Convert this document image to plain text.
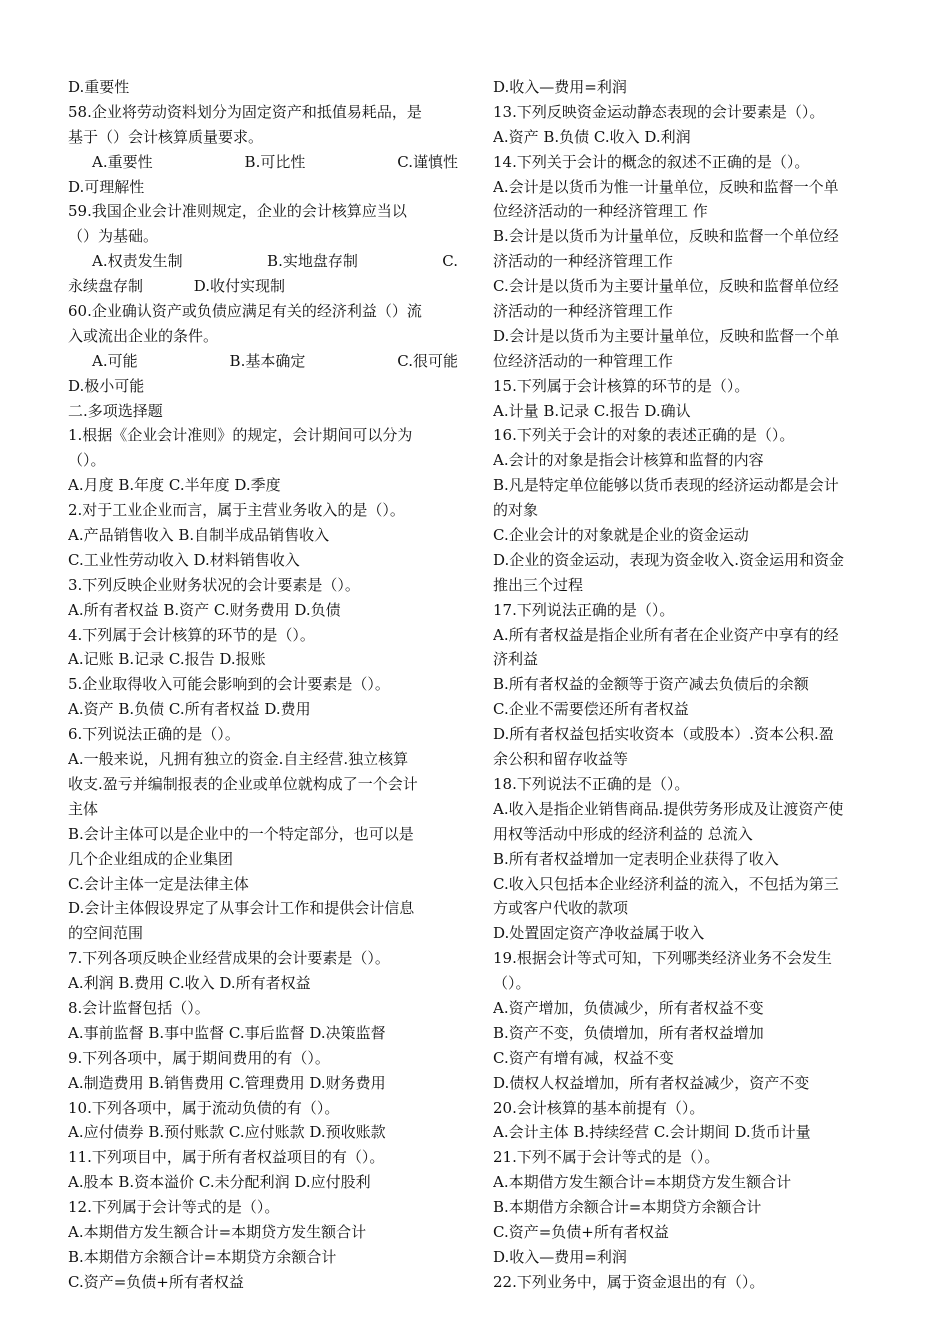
D.重要性
58.企业将劳动资料划分为固定资产和抵值易耗品，是
基于（）会计核算质量要求。
A.重要性	B.可比性	C.谨慎性
D.可理解性
59.我国企业会计准则规定，企业的会计核算应当以
（）为基础。
A.权责发生制	B.实地盘存制	C.
永续盘存制	D.收付实现制
60.企业确认资产或负债应满足有关的经济利益（）流
入或流出企业的条件。
A.可能	B.基本确定	C.很可能
D.极小可能
二.多项选择题
1.根据《企业会计准则》的规定，会计期间可以分为
（）。
A.月度 B.年度 C.半年度 D.季度
2.对于工业企业而言，属于主营业务收入的是（）。
A.产品销售收入 B.自制半成品销售收入
C.工业性劳动收入 D.材料销售收入
3.下列反映企业财务状况的会计要素是（）。
A.所有者权益 B.资产 C.财务费用 D.负债
4.下列属于会计核算的环节的是（）。
A.记账 B.记录 C.报告 D.报账
5.企业取得收入可能会影响到的会计要素是（）。
A.资产 B.负债 C.所有者权益 D.费用
6.下列说法正确的是（）。
A.一般来说，凡拥有独立的资金.自主经营.独立核算
收支.盈亏并编制报表的企业或单位就构成了一个会计
主体
B.会计主体可以是企业中的一个特定部分，也可以是
几个企业组成的企业集团
C.会计主体一定是法律主体
D.会计主体假设界定了从事会计工作和提供会计信息
的空间范围
7.下列各项反映企业经营成果的会计要素是（）。
A.利润 B.费用 C.收入 D.所有者权益
8.会计监督包括（）。
A.事前监督 B.事中监督 C.事后监督 D.决策监督
9.下列各项中，属于期间费用的有（）。
A.制造费用 B.销售费用 C.管理费用 D.财务费用
10.下列各项中，属于流动负债的有（）。
A.应付债券 B.预付账款 C.应付账款 D.预收账款
11.下列项目中，属于所有者权益项目的有（）。
A.股本 B.资本溢价 C.未分配利润 D.应付股利
12.下列属于会计等式的是（）。
A.本期借方发生额合计=本期贷方发生额合计
B.本期借方余额合计=本期贷方余额合计
C.资产=负债+所有者权益
D.收入—费用=利润
13.下列反映资金运动静态表现的会计要素是（）。
A.资产 B.负债 C.收入 D.利润
14.下列关于会计的概念的叙述不正确的是（）。
A.会计是以货币为惟一计量单位，反映和监督一个单
位经济活动的一种经济管理工 作
B.会计是以货币为计量单位，反映和监督一个单位经
济活动的一种经济管理工作
C.会计是以货币为主要计量单位，反映和监督单位经
济活动的一种经济管理工作
D.会计是以货币为主要计量单位，反映和监督一个单
位经济活动的一种管理工作
15.下列属于会计核算的环节的是（）。
A.计量 B.记录 C.报告 D.确认
16.下列关于会计的对象的表述正确的是（）。
A.会计的对象是指会计核算和监督的内容
B.凡是特定单位能够以货币表现的经济运动都是会计
的对象
C.企业会计的对象就是企业的资金运动
D.企业的资金运动，表现为资金收入.资金运用和资金
推出三个过程
17.下列说法正确的是（）。
A.所有者权益是指企业所有者在企业资产中享有的经
济利益
B.所有者权益的金额等于资产减去负债后的余额
C.企业不需要偿还所有者权益
D.所有者权益包括实收资本（或股本）.资本公积.盈
余公积和留存收益等
18.下列说法不正确的是（）。
A.收入是指企业销售商品.提供劳务形成及让渡资产使
用权等活动中形成的经济利益的 总流入
B.所有者权益增加一定表明企业获得了收入
C.收入只包括本企业经济利益的流入，不包括为第三
方或客户代收的款项
D.处置固定资产净收益属于收入
19.根据会计等式可知，下列哪类经济业务不会发生
（）。
A.资产增加，负债减少，所有者权益不变
B.资产不变，负债增加，所有者权益增加
C.资产有增有减，权益不变
D.债权人权益增加，所有者权益减少，资产不变
20.会计核算的基本前提有（）。
A.会计主体 B.持续经营 C.会计期间 D.货币计量
21.下列不属于会计等式的是（）。
A.本期借方发生额合计=本期贷方发生额合计
B.本期借方余额合计=本期贷方余额合计
C.资产=负债+所有者权益
D.收入—费用=利润
22.下列业务中，属于资金退出的有（）。
